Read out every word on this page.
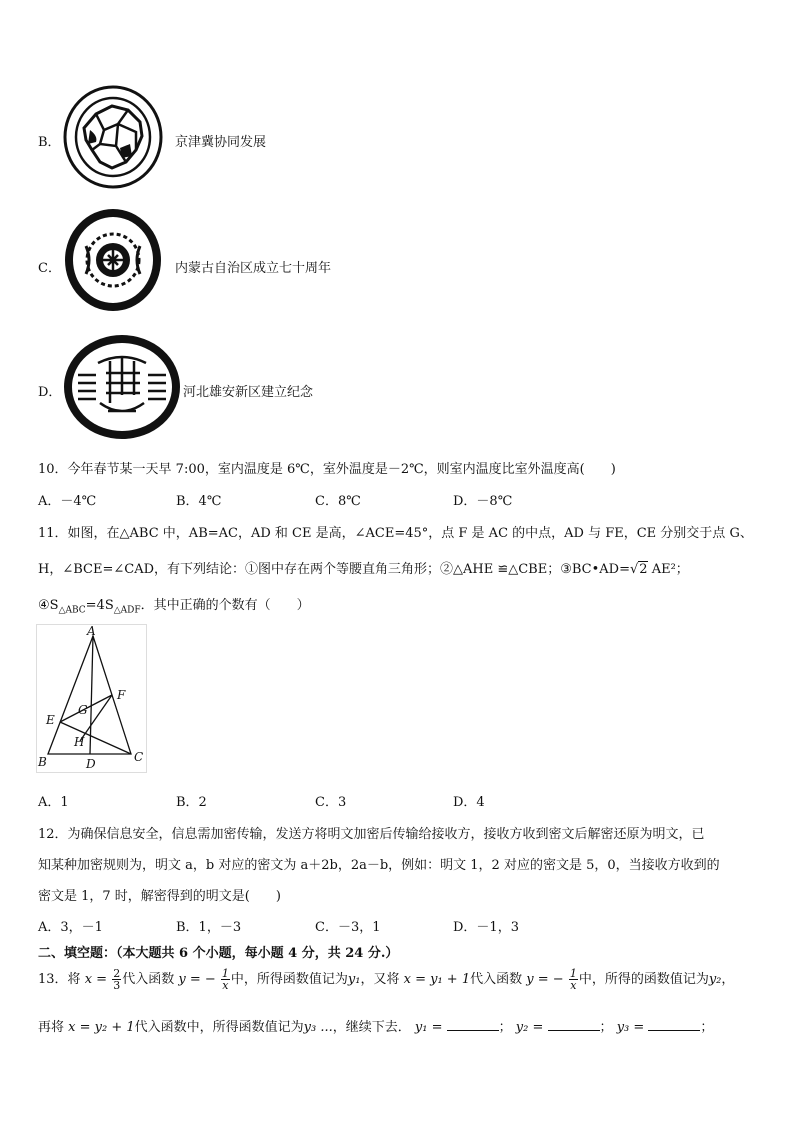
B．	京津冀协同发展
C．	内蒙古自治区成立七十周年
D．	河北雄安新区建立纪念
10．今年春节某一天早 7:00，室内温度是 6℃，室外温度是－2℃，则室内温度比室外温度高(　　)
A．－4℃	B．4℃	C．8℃	D．－8℃
11．如图，在△ABC 中，AB=AC，AD 和 CE 是高，∠ACE=45°，点 F 是 AC 的中点，AD 与 FE，CE 分别交于点 G、
H，∠BCE=∠CAD，有下列结论：①图中存在两个等腰直角三角形；②△AHE ≌△CBE；③BC•AD=√2 AE²；
$④S_{\triangle ABC}=4S_{\triangle ADF}$．其中正确的个数有（　　）
A
B	C
D
E
F
G
H
A．1	B．2	C．3	D．4
12．为确保信息安全，信息需加密传输，发送方将明文加密后传输给接收方，接收方收到密文后解密还原为明文，已
知某种加密规则为，明文 a，b 对应的密文为 a＋2b，2a－b，例如：明文 1，2 对应的密文是 5，0，当接收方收到的
密文是 1，7 时，解密得到的明文是(　　)
A．3，－1	B．1，－3	C．－3，1	D．－1，3
二、填空题：（本大题共 6 个小题，每小题 4 分，共 24 分.）
13．将 $x = \frac{2}{3}$ 代入函数 y = − $\frac{1}{x}$ 中，所得函数值记为y₁，又将 x = y₁ + 1代入函数 y = − $\frac{1}{x}$ 中，所得的函数值记为y₂，
再将 x = y₂ + 1代入函数中，所得函数值记为y₃ ...，继续下去． y₁ =	； y₂ =	； y₃ =	；
